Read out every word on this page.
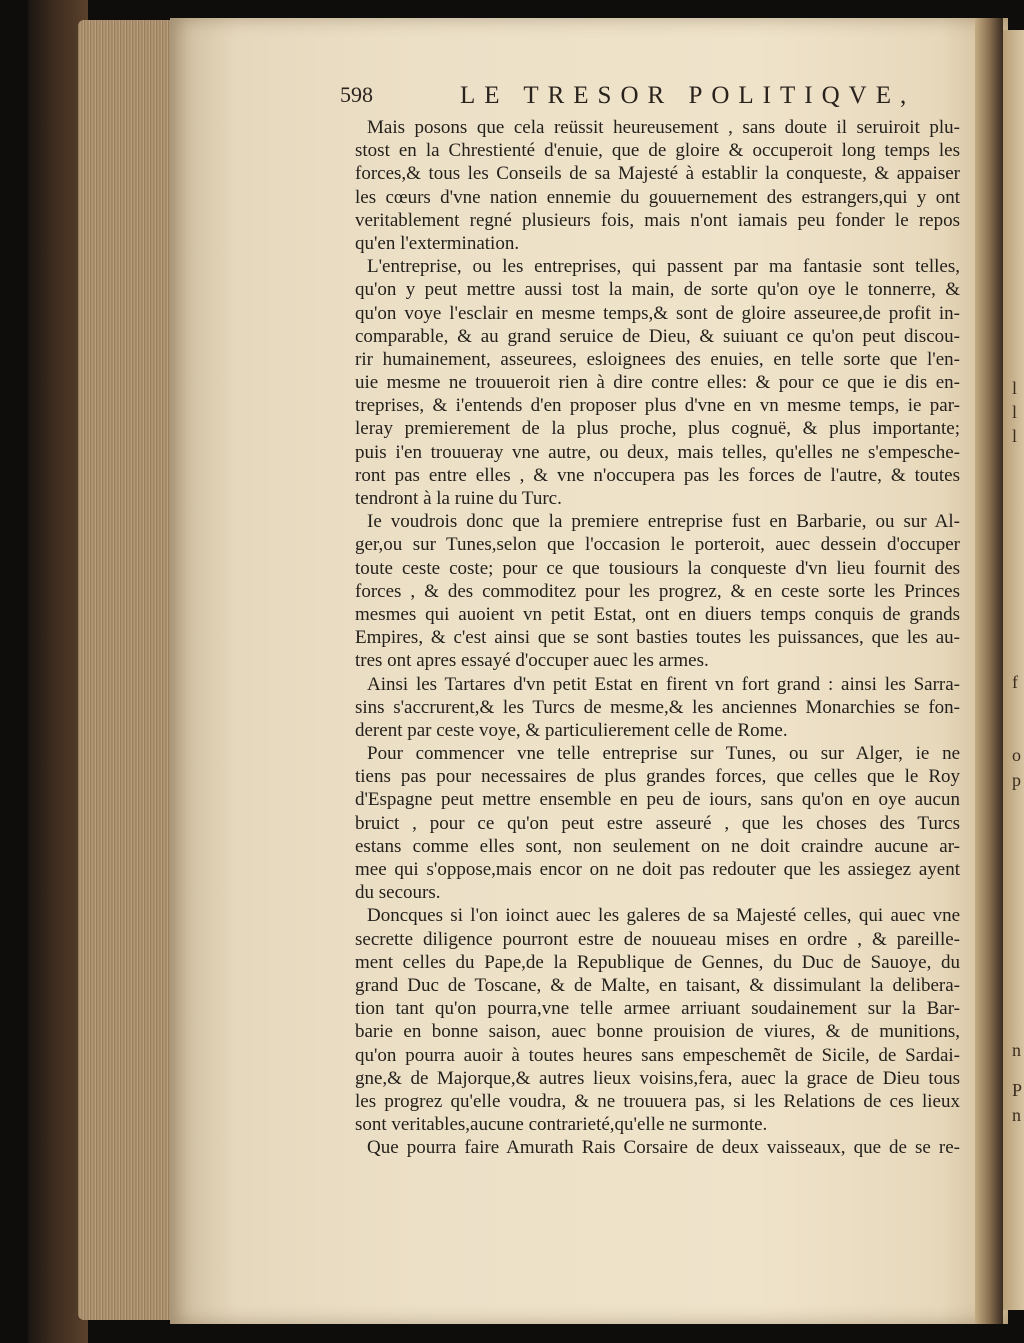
l
l
l
f
o
p
n
P
n
598	LE TRESOR POLITIQVE,
Mais posons que cela reüssit heureusement , sans doute il seruiroit plu-
stost en la Chrestienté d'enuie, que de gloire & occuperoit long temps les
forces,& tous les Conseils de sa Majesté à establir la conqueste, & appaiser
les cœurs d'vne nation ennemie du gouuernement des estrangers,qui y ont
veritablement regné plusieurs fois, mais n'ont iamais peu fonder le repos
qu'en l'extermination.
L'entreprise, ou les entreprises, qui passent par ma fantasie sont telles,
qu'on y peut mettre aussi tost la main, de sorte qu'on oye le tonnerre, &
qu'on voye l'esclair en mesme temps,& sont de gloire asseuree,de profit in-
comparable, & au grand seruice de Dieu, & suiuant ce qu'on peut discou-
rir humainement, asseurees, esloignees des enuies, en telle sorte que l'en-
uie mesme ne trouueroit rien à dire contre elles: & pour ce que ie dis en-
treprises, & i'entends d'en proposer plus d'vne en vn mesme temps, ie par-
leray premierement de la plus proche, plus cognuë, & plus importante;
puis i'en trouueray vne autre, ou deux, mais telles, qu'elles ne s'empesche-
ront pas entre elles , & vne n'occupera pas les forces de l'autre, & toutes
tendront à la ruine du Turc.
Ie voudrois donc que la premiere entreprise fust en Barbarie, ou sur Al-
ger,ou sur Tunes,selon que l'occasion le porteroit, auec dessein d'occuper
toute ceste coste; pour ce que tousiours la conqueste d'vn lieu fournit des
forces , & des commoditez pour les progrez, & en ceste sorte les Princes
mesmes qui auoient vn petit Estat, ont en diuers temps conquis de grands
Empires, & c'est ainsi que se sont basties toutes les puissances, que les au-
tres ont apres essayé d'occuper auec les armes.
Ainsi les Tartares d'vn petit Estat en firent vn fort grand : ainsi les Sarra-
sins s'accrurent,& les Turcs de mesme,& les anciennes Monarchies se fon-
derent par ceste voye, & particulierement celle de Rome.
Pour commencer vne telle entreprise sur Tunes, ou sur Alger, ie ne
tiens pas pour necessaires de plus grandes forces, que celles que le Roy
d'Espagne peut mettre ensemble en peu de iours, sans qu'on en oye aucun
bruict , pour ce qu'on peut estre asseuré , que les choses des Turcs
estans comme elles sont, non seulement on ne doit craindre aucune ar-
mee qui s'oppose,mais encor on ne doit pas redouter que les assiegez ayent
du secours.
Doncques si l'on ioinct auec les galeres de sa Majesté celles, qui auec vne
secrette diligence pourront estre de nouueau mises en ordre , & pareille-
ment celles du Pape,de la Republique de Gennes, du Duc de Sauoye, du
grand Duc de Toscane, & de Malte, en taisant, & dissimulant la delibera-
tion tant qu'on pourra,vne telle armee arriuant soudainement sur la Bar-
barie en bonne saison, auec bonne prouision de viures, & de munitions,
qu'on pourra auoir à toutes heures sans empeschemẽt de Sicile, de Sardai-
gne,& de Majorque,& autres lieux voisins,fera, auec la grace de Dieu tous
les progrez qu'elle voudra, & ne trouuera pas, si les Relations de ces lieux
sont veritables,aucune contrarieté,qu'elle ne surmonte.
Que pourra faire Amurath Rais Corsaire de deux vaisseaux, que de se re-
